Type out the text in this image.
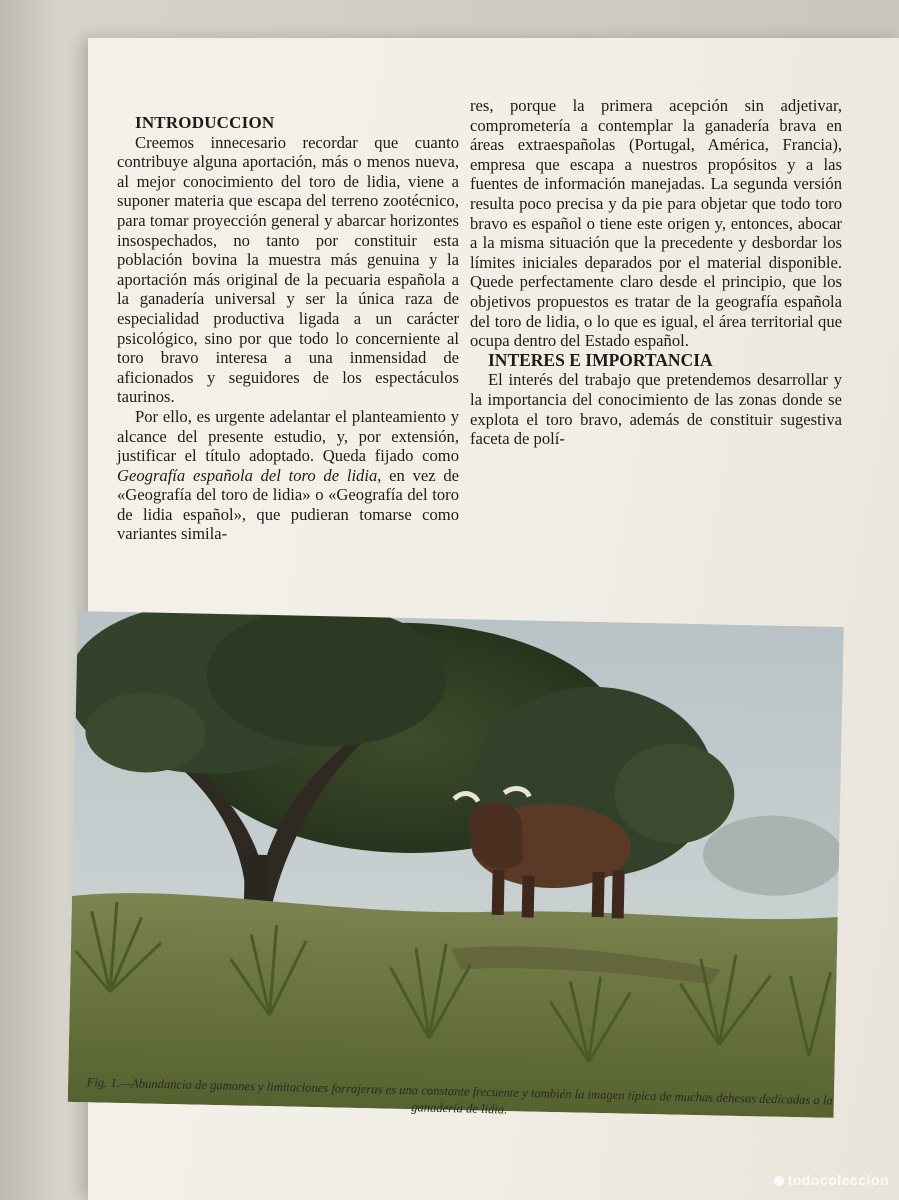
INTRODUCCION

Creemos innecesario recordar que cuanto contribuye alguna aportación, más o menos nueva, al mejor conocimiento del toro de lidia, viene a suponer materia que escapa del terreno zootécnico, para tomar proyección general y abarcar horizontes insospechados, no tanto por constituir esta población bovina la muestra más genuina y la aportación más original de la pecuaria española a la ganadería universal y ser la única raza de especialidad productiva ligada a un carácter psicológico, sino por que todo lo concerniente al toro bravo interesa a una inmensidad de aficionados y seguidores de los espectáculos taurinos.

Por ello, es urgente adelantar el planteamiento y alcance del presente estudio, y, por extensión, justificar el título adoptado. Queda fijado como Geografía española del toro de lidia, en vez de «Geografía del toro de lidia» o «Geografía del toro de lidia español», que pudieran tomarse como variantes simila-

res, porque la primera acepción sin adjetivar, comprometería a contemplar la ganadería brava en áreas extraespañolas (Portugal, América, Francia), empresa que escapa a nuestros propósitos y a las fuentes de información manejadas. La segunda versión resulta poco precisa y da pie para objetar que todo toro bravo es español o tiene este origen y, entonces, abocar a la misma situación que la precedente y desbordar los límites iniciales deparados por el material disponible. Quede perfectamente claro desde el principio, que los objetivos propuestos es tratar de la geografía española del toro de lidia, o lo que es igual, el área territorial que ocupa dentro del Estado español.

INTERES E IMPORTANCIA

El interés del trabajo que pretendemos desarrollar y la importancia del conocimiento de las zonas donde se explota el toro bravo, además de constituir sugestiva faceta de polí-

Fig. 1.—Abundancia de gamones y limitaciones forrajeras es una constante frecuente y también la imagen típica de muchas dehesas dedicadas a la ganadería de lidia.
todocoleccion
